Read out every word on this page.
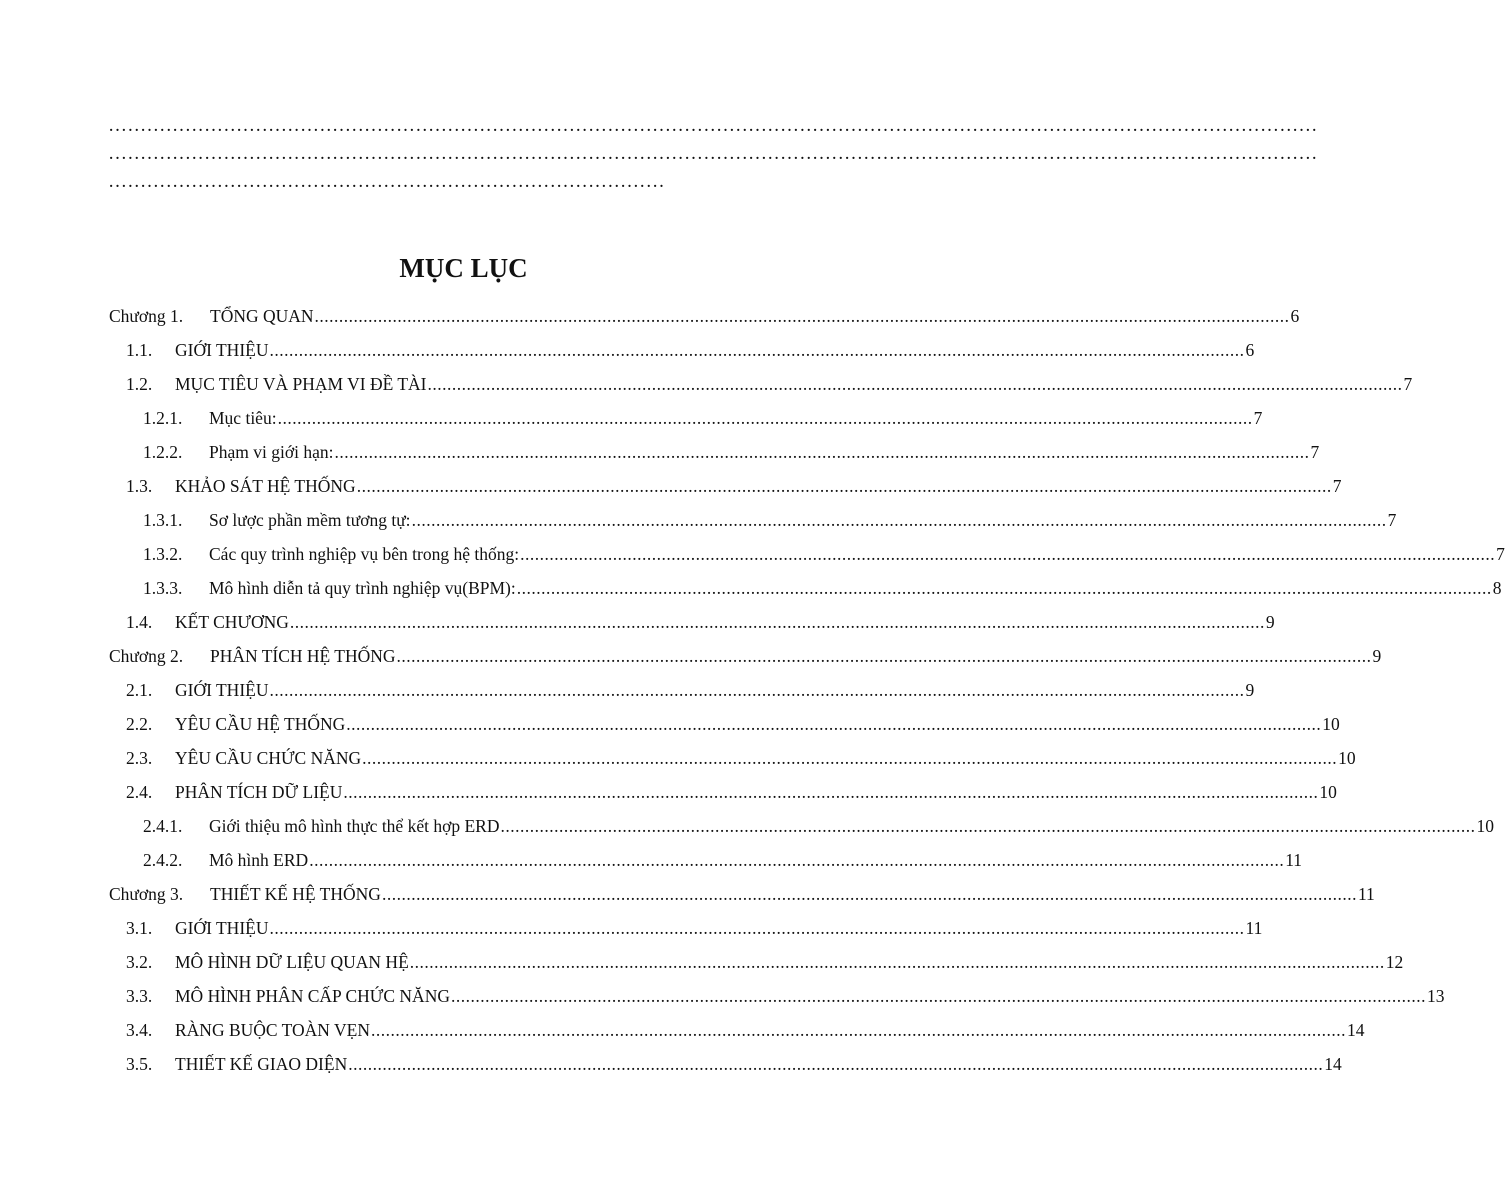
………………………………………………………………………………………………………………………………………………………………………
………………………………………………………………………………………………………………………………………………………………………
……………………………………………………………………………
MỤC LỤC
Chương 1.	TỔNG QUAN ........................................................................................................................................................................................................ 6
1.1.	GIỚI THIỆU ........................................................................................................................................................................................................ 6
1.2.	MỤC TIÊU VÀ PHẠM VI ĐỀ TÀI ........................................................................................................................................................................................................ 7
1.2.1.	Mục tiêu: ........................................................................................................................................................................................................ 7
1.2.2.	Phạm vi giới hạn: ........................................................................................................................................................................................................ 7
1.3.	KHẢO SÁT HỆ THỐNG ........................................................................................................................................................................................................ 7
1.3.1.	Sơ lược phần mềm tương tự: ........................................................................................................................................................................................................ 7
1.3.2.	Các quy trình nghiệp vụ bên trong hệ thống: ........................................................................................................................................................................................................ 7
1.3.3.	Mô hình diễn tả quy trình nghiệp vụ(BPM): ........................................................................................................................................................................................................ 8
1.4.	KẾT CHƯƠNG ........................................................................................................................................................................................................ 9
Chương 2.	PHÂN TÍCH HỆ THỐNG ........................................................................................................................................................................................................ 9
2.1.	GIỚI THIỆU ........................................................................................................................................................................................................ 9
2.2.	YÊU CẦU HỆ THỐNG ........................................................................................................................................................................................................ 10
2.3.	YÊU CẦU CHỨC NĂNG ........................................................................................................................................................................................................ 10
2.4.	PHÂN TÍCH DỮ LIỆU ........................................................................................................................................................................................................ 10
2.4.1.	Giới thiệu mô hình thực thể kết hợp ERD ........................................................................................................................................................................................................ 10
2.4.2.	Mô hình ERD ........................................................................................................................................................................................................ 11
Chương 3.	THIẾT KẾ HỆ THỐNG ........................................................................................................................................................................................................ 11
3.1.	GIỚI THIỆU ........................................................................................................................................................................................................ 11
3.2.	MÔ HÌNH DỮ LIỆU QUAN HỆ ........................................................................................................................................................................................................ 12
3.3.	MÔ HÌNH PHÂN CẤP CHỨC NĂNG ........................................................................................................................................................................................................ 13
3.4.	RÀNG BUỘC TOÀN VẸN ........................................................................................................................................................................................................ 14
3.5.	THIẾT KẾ GIAO DIỆN ........................................................................................................................................................................................................ 14
